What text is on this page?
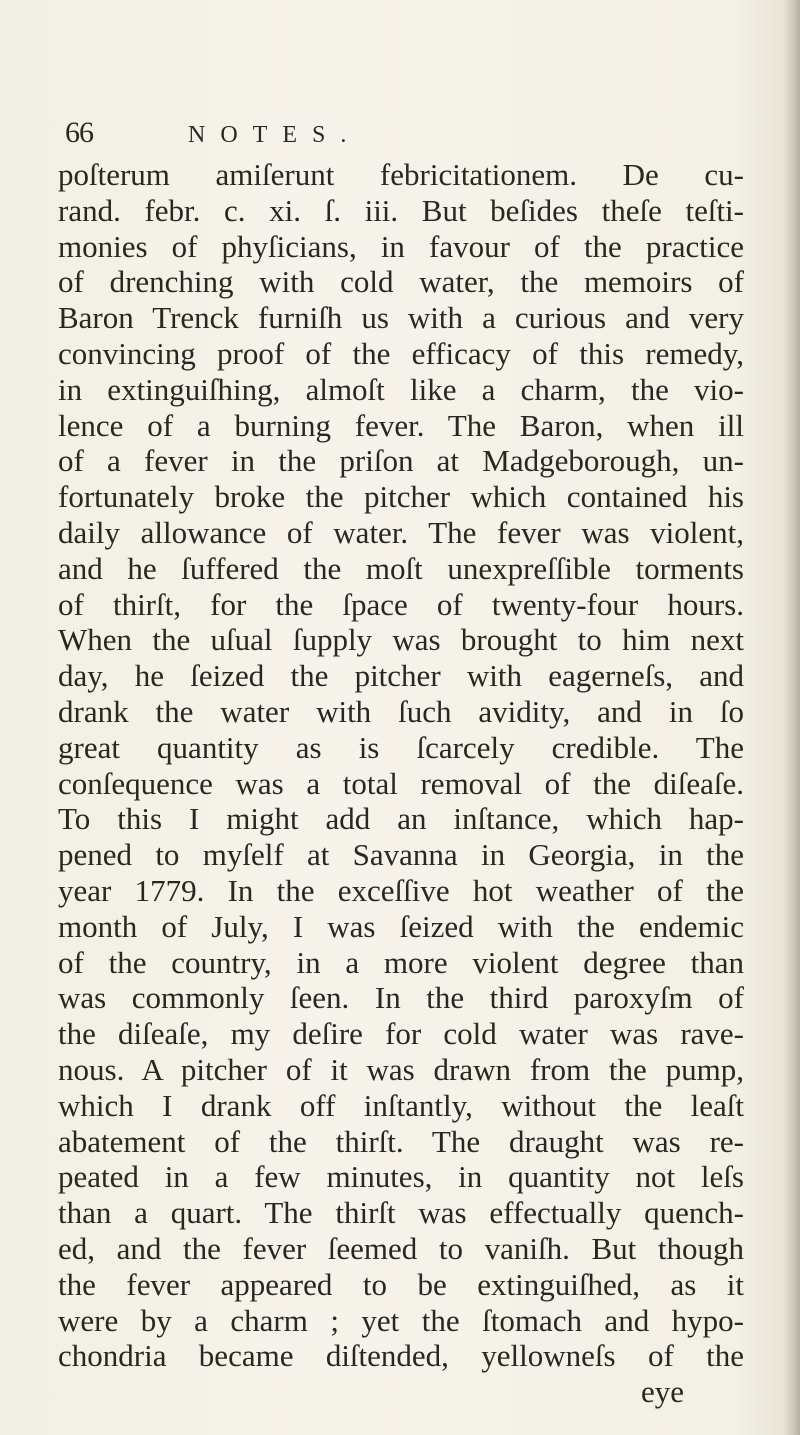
66	NOTES.
poſterum amiſerunt febricitationem. De cu-
rand. febr. c. xi. ſ. iii. But beſides theſe teſti-
monies of phyſicians, in favour of the practice
of drenching with cold water, the memoirs of
Baron Trenck furniſh us with a curious and very
convincing proof of the efficacy of this remedy,
in extinguiſhing, almoſt like a charm, the vio-
lence of a burning fever. The Baron, when ill
of a fever in the priſon at Madgeborough, un-
fortunately broke the pitcher which contained his
daily allowance of water. The fever was violent,
and he ſuffered the moſt unexpreſſible torments
of thirſt, for the ſpace of twenty-four hours.
When the uſual ſupply was brought to him next
day, he ſeized the pitcher with eagerneſs, and
drank the water with ſuch avidity, and in ſo
great quantity as is ſcarcely credible. The
conſequence was a total removal of the diſeaſe.
To this I might add an inſtance, which hap-
pened to myſelf at Savanna in Georgia, in the
year 1779. In the exceſſive hot weather of the
month of July, I was ſeized with the endemic
of the country, in a more violent degree than
was commonly ſeen. In the third paroxyſm of
the diſeaſe, my deſire for cold water was rave-
nous. A pitcher of it was drawn from the pump,
which I drank off inſtantly, without the leaſt
abatement of the thirſt. The draught was re-
peated in a few minutes, in quantity not leſs
than a quart. The thirſt was effectually quench-
ed, and the fever ſeemed to vaniſh. But though
the fever appeared to be extinguiſhed, as it
were by a charm ; yet the ſtomach and hypo-
chondria became diſtended, yellowneſs of the
eye
